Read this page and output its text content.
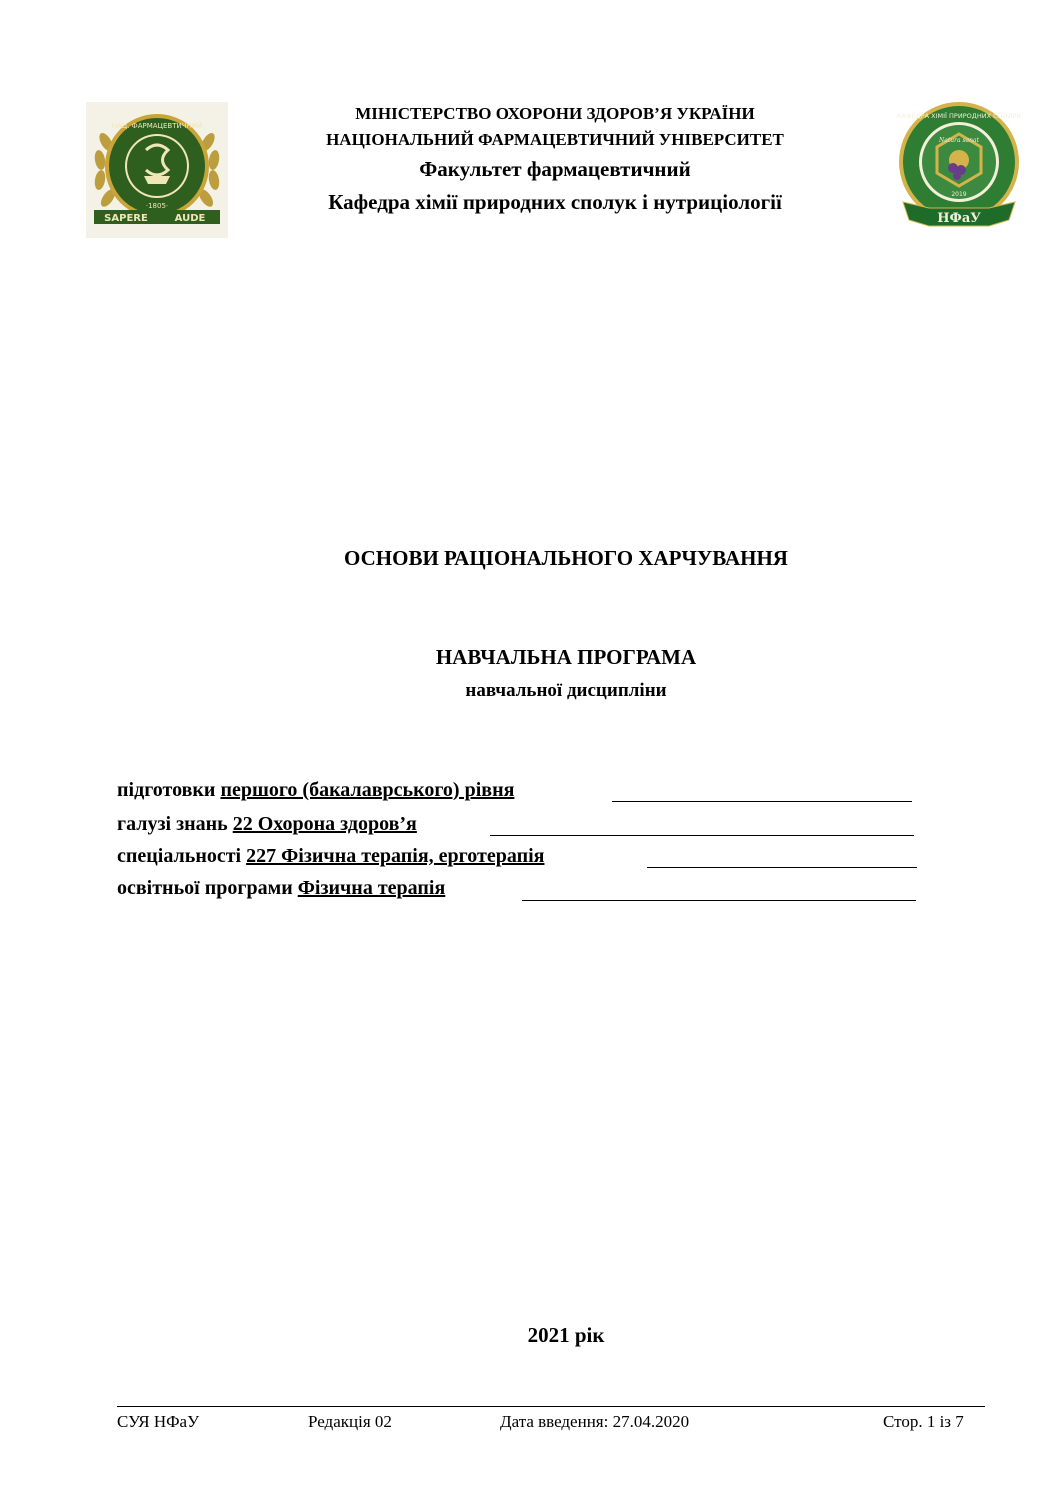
НАЦ. ФАРМАЦЕВТИЧНИЙ
·1805·
SAPERE	AUDE
КАФЕДРА ХІМІЇ ПРИРОДНИХ СПОЛУК
Natura sanat
2019
НФаУ
МІНІСТЕРСТВО ОХОРОНИ ЗДОРОВ’Я УКРАЇНИ
НАЦІОНАЛЬНИЙ ФАРМАЦЕВТИЧНИЙ УНІВЕРСИТЕТ
Факультет фармацевтичний
Кафедра хімії природних сполук і нутриціології
ОСНОВИ РАЦІОНАЛЬНОГО ХАРЧУВАННЯ
НАВЧАЛЬНА ПРОГРАМА
навчальної дисципліни
підготовки першого (бакалаврського) рівня
галузі знань 22 Охорона здоров’я
спеціальності 227 Фізична терапія, ерготерапія
освітньої програми Фізична терапія
2021 рік
СУЯ НФаУ	Редакція 02	Дата введення: 27.04.2020	Стор. 1 із 7
